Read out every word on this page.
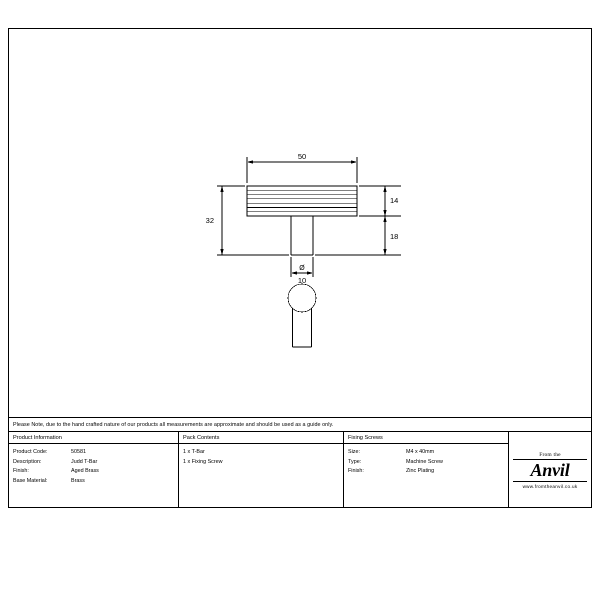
50
32
14
18
Ø
10
Please Note, due to the hand crafted nature of our products all measurements are approximate and should be used as a guide only.
Product Information
Product Code:	50581
Description:	Judd T-Bar
Finish:	Aged Brass
Base Material:	Brass
Pack Contents
1 x T-Bar
1 x Fixing Screw
Fixing Screws
Size:	M4 x 40mm
Type:	Machine Screw
Finish:	Zinc Plating
From the
Anvil
www.fromtheanvil.co.uk
